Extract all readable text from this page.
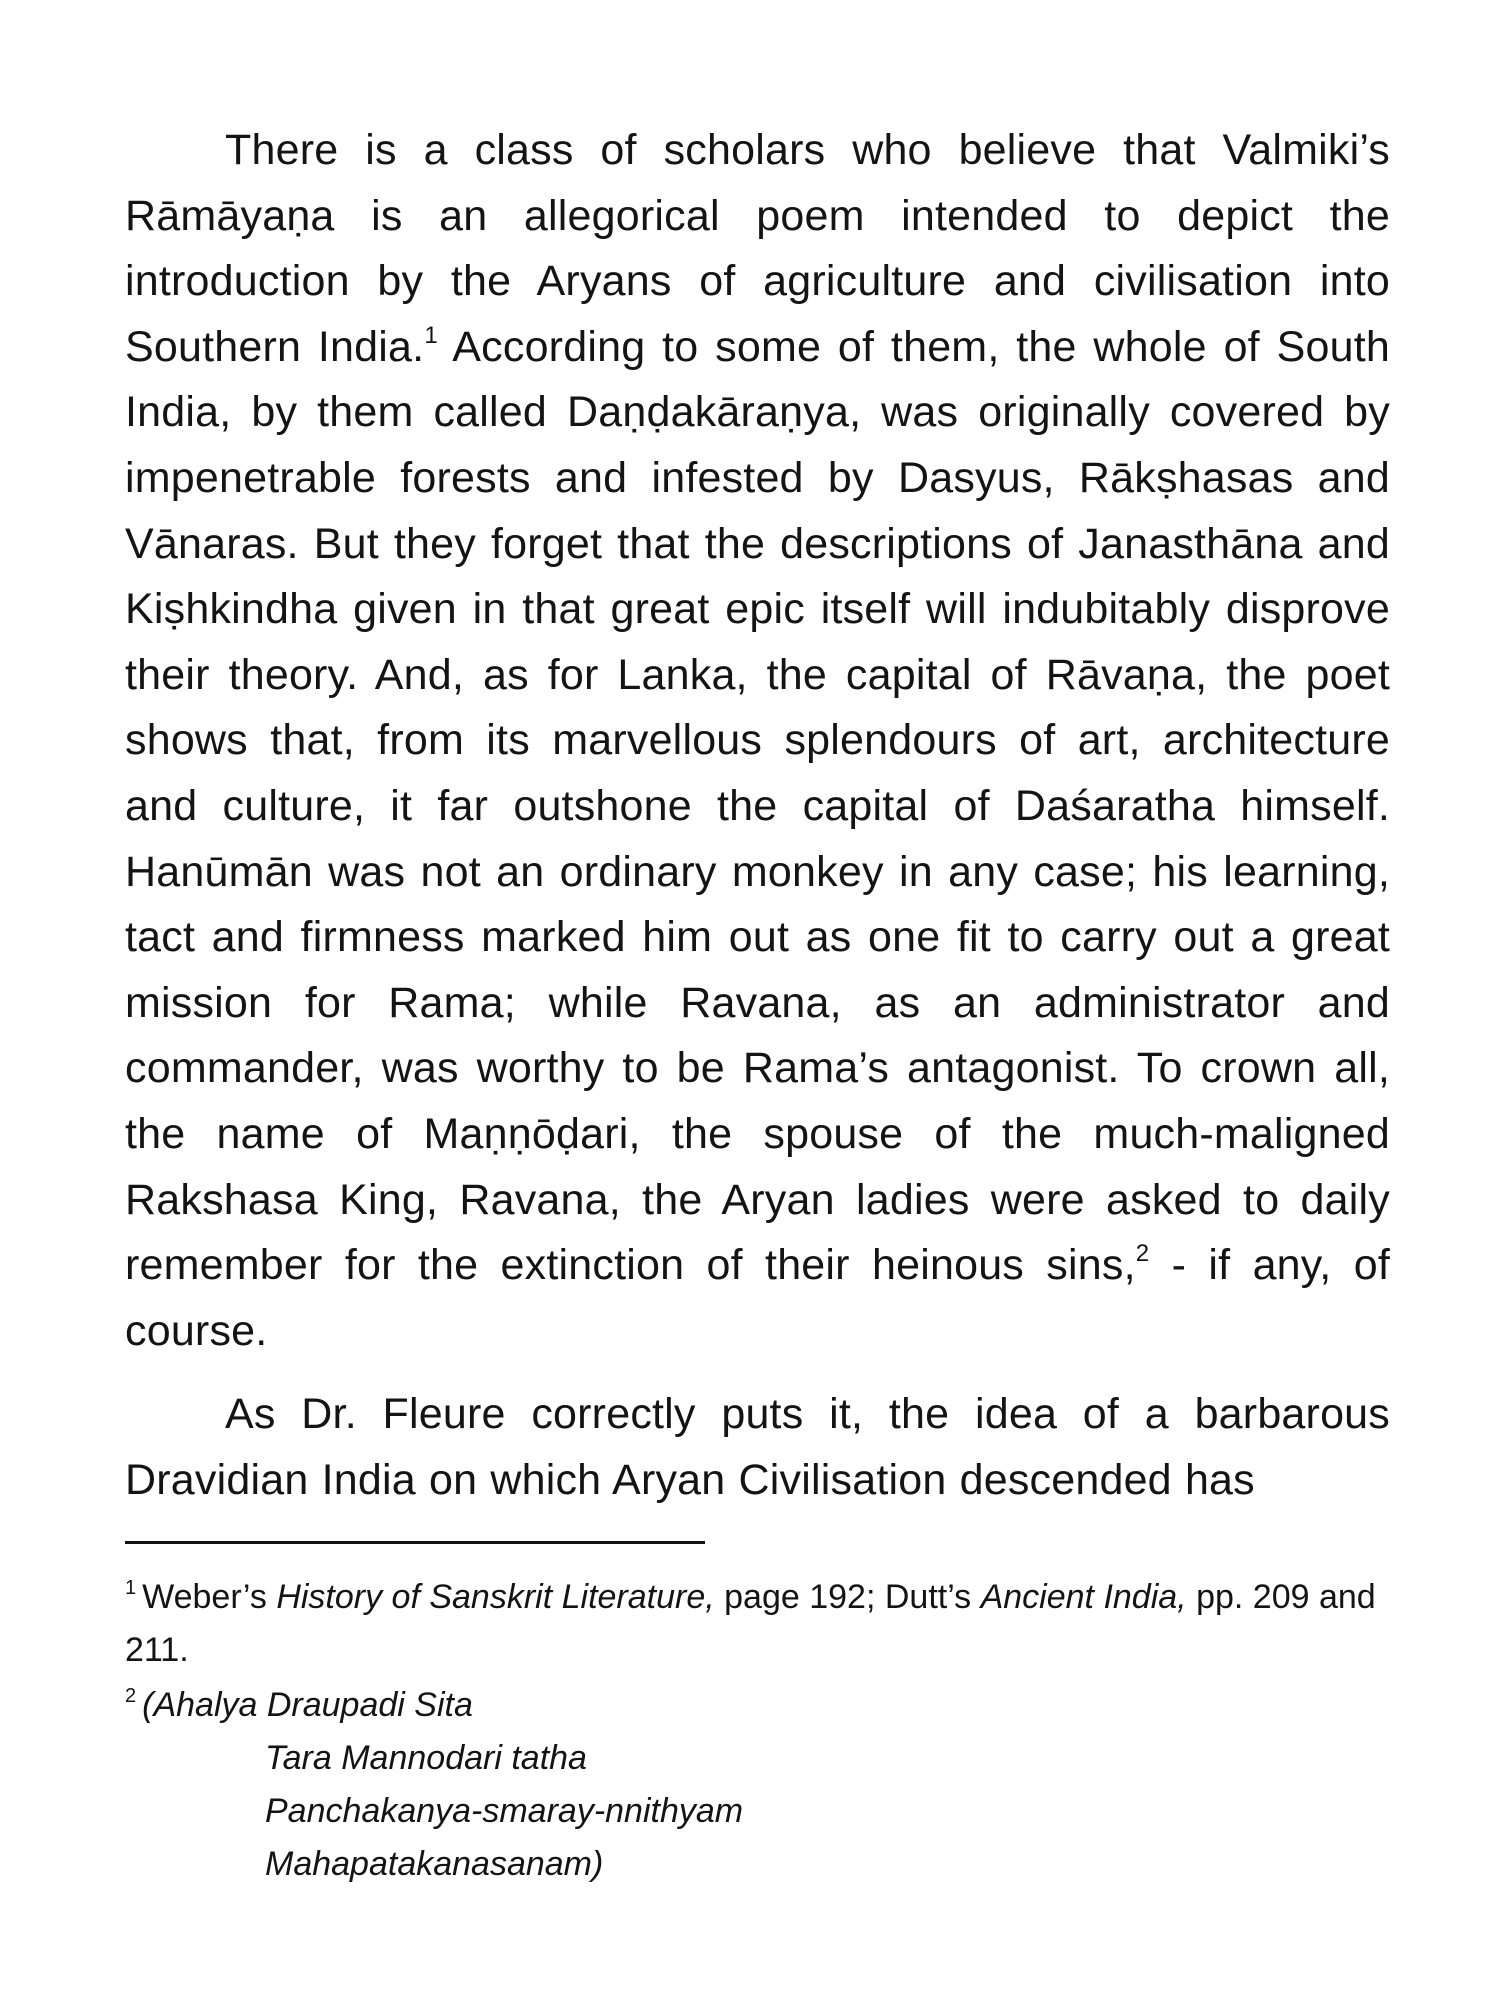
There is a class of scholars who believe that Valmiki’s Rāmāyaṇa is an allegorical poem intended to depict the introduction by the Aryans of agriculture and civilisation into Southern India.$^1$ According to some of them, the whole of South India, by them called Daṇḍakāraṇya, was originally covered by impenetrable forests and infested by Dasyus, Rākṣhasas and Vānaras. But they forget that the descriptions of Janasthāna and Kiṣhkindha given in that great epic itself will indubitably disprove their theory. And, as for Lanka, the capital of Rāvaṇa, the poet shows that, from its marvellous splendours of art, architecture and culture, it far outshone the capital of Daśaratha himself. Hanūmān was not an ordinary monkey in any case; his learning, tact and firmness marked him out as one fit to carry out a great mission for Rama; while Ravana, as an administrator and commander, was worthy to be Rama’s antagonist. To crown all, the name of Maṇṇōḍari, the spouse of the much-maligned Rakshasa King, Ravana, the Aryan ladies were asked to daily remember for the extinction of their heinous sins,$^2$ - if any, of course.

As Dr. Fleure correctly puts it, the idea of a barbarous Dravidian India on which Aryan Civilisation descended has

$^1$ Weber’s History of Sanskrit Literature, page 192; Dutt’s Ancient India, pp. 209 and 211.

$^2$ (Ahalya Draupadi Sita
Tara Mannodari tatha
Panchakanya-smaray-nnithyam
Mahapatakanasanam)
